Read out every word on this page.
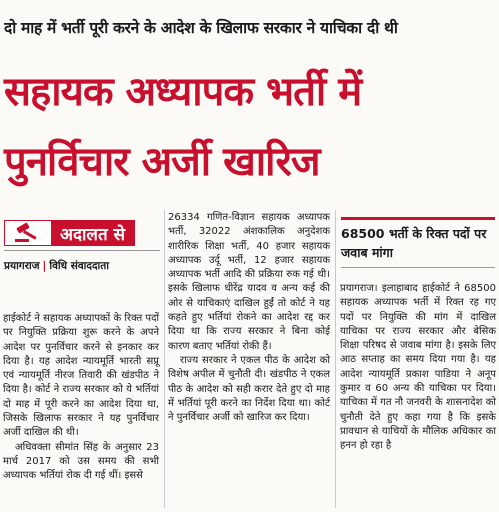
दो माह में भर्ती पूरी करने के आदेश के खिलाफ सरकार ने याचिका दी थी
सहायक अध्यापक भर्ती में
पुनर्विचार अर्जी खारिज
अदालत से
प्रयागराज | विधि संवाददाता

हाईकोर्ट ने सहायक अध्यापकों के रिक्त पदों पर नियुक्ति प्रक्रिया शुरू करने के अपने आदेश पर पुनर्विचार करने से इनकार कर दिया है। यह आदेश न्यायमूर्ति भारती सप्रू एवं न्यायमूर्ति नीरज तिवारी की खंडपीठ ने दिया है। कोर्ट ने राज्य सरकार को ये भर्तियां दो माह में पूरी करने का आदेश दिया था, जिसके खिलाफ सरकार ने यह पुनर्विचार अर्जी दाखिल की थी।

अधिवक्ता सीमांत सिंह के अनुसार 23 मार्च 2017 को उस समय की सभी अध्यापक भर्तियां रोक दी गई थीं। इससे

26334 गणित-विज्ञान सहायक अध्यापक भर्ती, 32022 अंशकालिक अनुदेशक शारीरिक शिक्षा भर्ती, 40 हजार सहायक अध्यापक उर्दू भर्ती, 12 हजार सहायक अध्यापक भर्ती आदि की प्रक्रिया रुक गई थी। इसके खिलाफ धीरेंद्र यादव व अन्य कई की ओर से याचिकाएं दाखिल हुईं तो कोर्ट ने यह कहते हुए भर्तियां रोकने का आदेश रद्द कर दिया था कि राज्य सरकार ने बिना कोई कारण बताए भर्तियां रोकी हैं।

राज्य सरकार ने एकल पीठ के आदेश को विशेष अपील में चुनौती दी। खंडपीठ ने एकल पीठ के आदेश को सही करार देते हुए दो माह में भर्तियां पूरी करने का निर्देश दिया था। कोर्ट ने पुनर्विचार अर्जी को खारिज कर दिया।

68500 भर्ती के रिक्त पदों पर जवाब मांगा

प्रयागराज। इलाहाबाद हाईकोर्ट ने 68500 सहायक अध्यापक भर्ती में रिक्त रह गए पदों पर नियुक्ति की मांग में दाखिल याचिका पर राज्य सरकार और बेसिक शिक्षा परिषद से जवाब मांगा है। इसके लिए आठ सप्ताह का समय दिया गया है। यह आदेश न्यायमूर्ति प्रकाश पाडिया ने अनूप कुमार व 60 अन्य की याचिका पर दिया। याचिका में गत नौ जनवरी के शासनादेश को चुनौती देते हुए कहा गया है कि इसके प्रावधान से याचियों के मौलिक अधिकार का हनन हो रहा है
